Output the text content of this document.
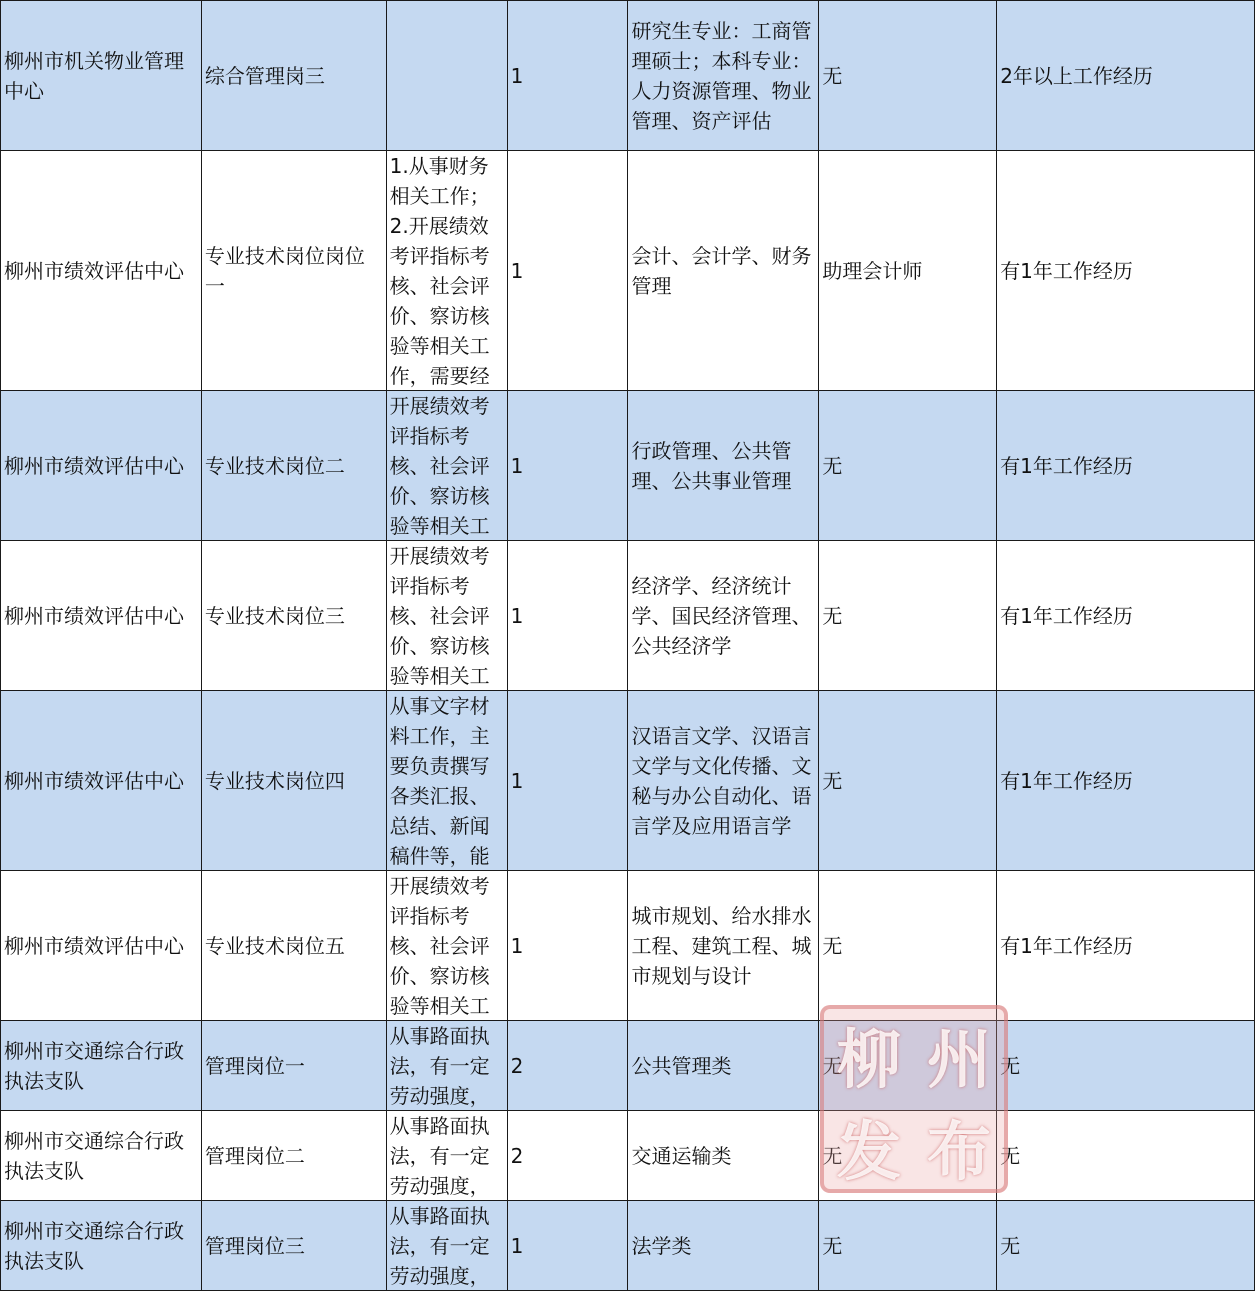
柳州市机关物业管理中心	综合管理岗三		1	研究生专业：工商管理硕士；本科专业：人力资源管理、物业管理、资产评估	无	2年以上工作经历
柳州市绩效评估中心	专业技术岗位岗位一	1.从事财务相关工作；2.开展绩效考评指标考核、社会评价、察访核验等相关工作，需要经	1	会计、会计学、财务管理	助理会计师	有1年工作经历
柳州市绩效评估中心	专业技术岗位二	开展绩效考评指标考核、社会评价、察访核验等相关工	1	行政管理、公共管理、公共事业管理	无	有1年工作经历
柳州市绩效评估中心	专业技术岗位三	开展绩效考评指标考核、社会评价、察访核验等相关工	1	经济学、经济统计学、国民经济管理、公共经济学	无	有1年工作经历
柳州市绩效评估中心	专业技术岗位四	从事文字材料工作，主要负责撰写各类汇报、总结、新闻稿件等，能	1	汉语言文学、汉语言文学与文化传播、文秘与办公自动化、语言学及应用语言学	无	有1年工作经历
柳州市绩效评估中心	专业技术岗位五	开展绩效考评指标考核、社会评价、察访核验等相关工	1	城市规划、给水排水工程、建筑工程、城市规划与设计	无	有1年工作经历
柳州市交通综合行政执法支队	管理岗位一	从事路面执法，有一定劳动强度，	2	公共管理类	无	无
柳州市交通综合行政执法支队	管理岗位二	从事路面执法，有一定劳动强度，	2	交通运输类	无	无
柳州市交通综合行政执法支队	管理岗位三	从事路面执法，有一定劳动强度，	1	法学类	无	无
柳 州
发 布
